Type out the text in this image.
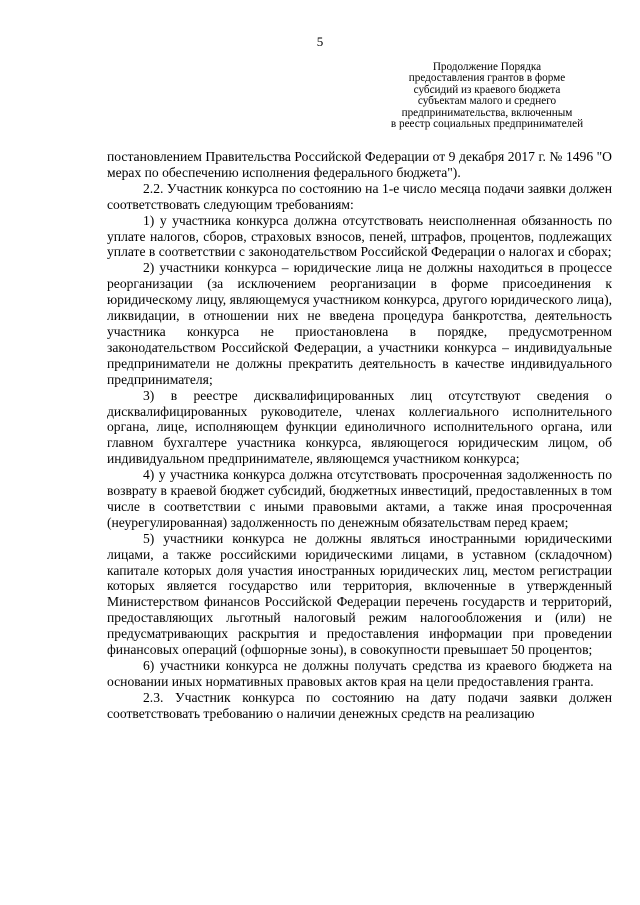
5
Продолжение Порядка
предоставления грантов в форме
субсидий из краевого бюджета
субъектам малого и среднего
предпринимательства, включенным
в реестр социальных предпринимателей

постановлением Правительства Российской Федерации от 9 декабря 2017 г. № 1496 "О мерах по обеспечению исполнения федерального бюджета").

2.2. Участник конкурса по состоянию на 1-е число месяца подачи заявки должен соответствовать следующим требованиям:

1) у участника конкурса должна отсутствовать неисполненная обязанность по уплате налогов, сборов, страховых взносов, пеней, штрафов, процентов, подлежащих уплате в соответствии с законодательством Российской Федерации о налогах и сборах;

2) участники конкурса – юридические лица не должны находиться в процессе реорганизации (за исключением реорганизации в форме присоединения к юридическому лицу, являющемуся участником конкурса, другого юридического лица), ликвидации, в отношении них не введена процедура банкротства, деятельность участника конкурса не приостановлена в порядке, предусмотренном законодательством Российской Федерации, а участники конкурса – индивидуальные предприниматели не должны прекратить деятельность в качестве индивидуального предпринимателя;

3) в реестре дисквалифицированных лиц отсутствуют сведения о дисквалифицированных руководителе, членах коллегиального исполнительного органа, лице, исполняющем функции единоличного исполнительного органа, или главном бухгалтере участника конкурса, являющегося юридическим лицом, об индивидуальном предпринимателе, являющемся участником конкурса;

4) у участника конкурса должна отсутствовать просроченная задолженность по возврату в краевой бюджет субсидий, бюджетных инвестиций, предоставленных в том числе в соответствии с иными правовыми актами, а также иная просроченная (неурегулированная) задолженность по денежным обязательствам перед краем;

5) участники конкурса не должны являться иностранными юридическими лицами, а также российскими юридическими лицами, в уставном (складочном) капитале которых доля участия иностранных юридических лиц, местом регистрации которых является государство или территория, включенные в утвержденный Министерством финансов Российской Федерации перечень государств и территорий, предоставляющих льготный налоговый режим налогообложения и (или) не предусматривающих раскрытия и предоставления информации при проведении финансовых операций (офшорные зоны), в совокупности превышает 50 процентов;

6) участники конкурса не должны получать средства из краевого бюджета на основании иных нормативных правовых актов края на цели предоставления гранта.

2.3. Участник конкурса по состоянию на дату подачи заявки должен соответствовать требованию о наличии денежных средств на реализацию
